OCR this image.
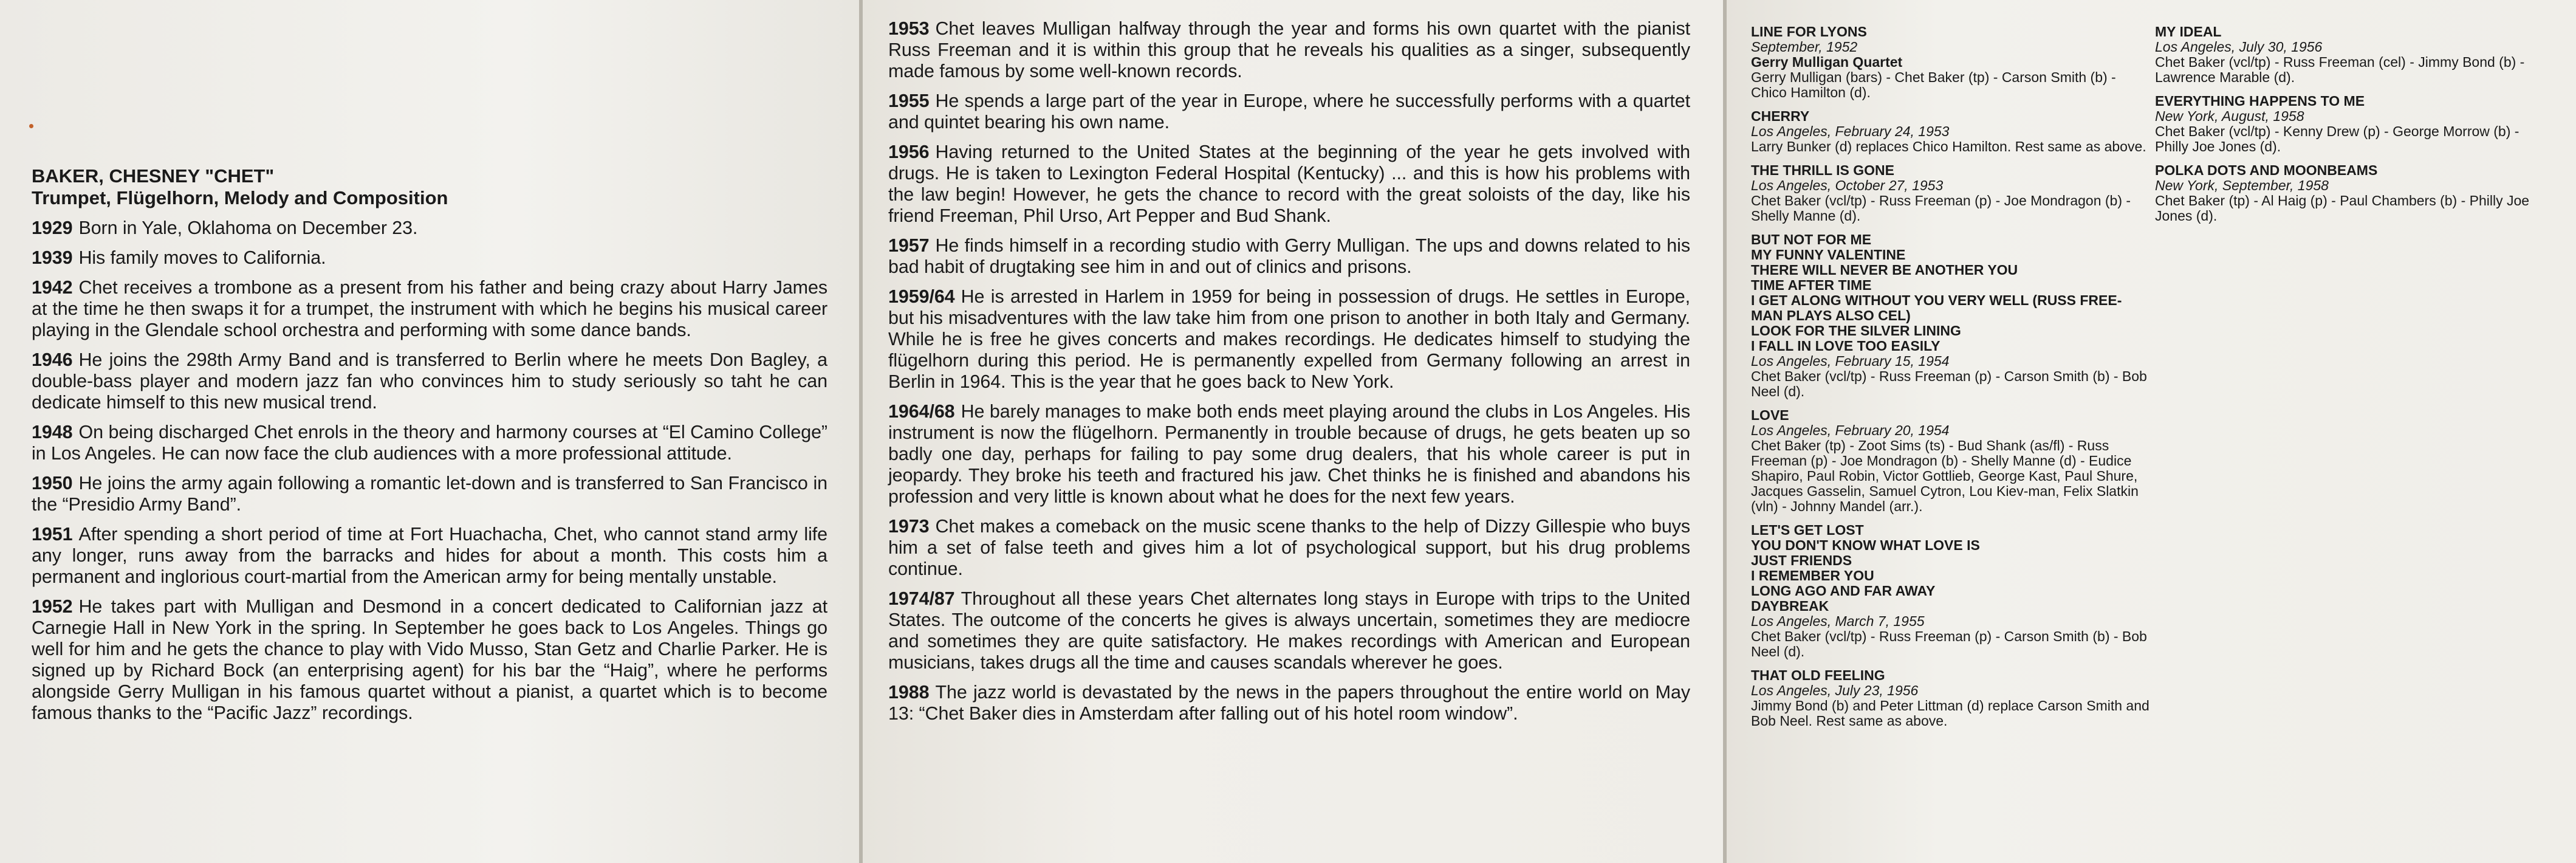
BAKER, CHESNEY "CHET"

Trumpet, Flügelhorn, Melody and Composition

1929 Born in Yale, Oklahoma on December 23.

1939 His family moves to California.

1942 Chet receives a trombone as a present from his father and being crazy about Harry James at the time he then swaps it for a trumpet, the instrument with which he begins his musical career playing in the Glendale school orchestra and performing with some dance bands.

1946 He joins the 298th Army Band and is transferred to Berlin where he meets Don Bagley, a double-bass player and modern jazz fan who convinces him to study seriously so taht he can dedicate himself to this new musical trend.

1948 On being discharged Chet enrols in the theory and harmony courses at “El Camino College” in Los Angeles. He can now face the club audiences with a more professional attitude.

1950 He joins the army again following a romantic let-down and is transferred to San Francisco in the “Presidio Army Band”.

1951 After spending a short period of time at Fort Huachacha, Chet, who cannot stand army life any longer, runs away from the barracks and hides for about a month. This costs him a permanent and inglorious court-martial from the American army for being mentally unstable.

1952 He takes part with Mulligan and Desmond in a concert dedicated to Californian jazz at Carnegie Hall in New York in the spring. In September he goes back to Los Angeles. Things go well for him and he gets the chance to play with Vido Musso, Stan Getz and Charlie Parker. He is signed up by Richard Bock (an enterprising agent) for his bar the “Haig”, where he performs alongside Gerry Mulligan in his famous quartet without a pianist, a quartet which is to become famous thanks to the “Pacific Jazz” recordings.

1953 Chet leaves Mulligan halfway through the year and forms his own quartet with the pianist Russ Freeman and it is within this group that he reveals his qualities as a singer, subsequently made famous by some well-known records.

1955 He spends a large part of the year in Europe, where he successfully performs with a quartet and quintet bearing his own name.

1956 Having returned to the United States at the beginning of the year he gets involved with drugs. He is taken to Lexington Federal Hospital (Kentucky) ... and this is how his problems with the law begin! However, he gets the chance to record with the great soloists of the day, like his friend Freeman, Phil Urso, Art Pepper and Bud Shank.

1957 He finds himself in a recording studio with Gerry Mulligan. The ups and downs related to his bad habit of drugtaking see him in and out of clinics and prisons.

1959/64 He is arrested in Harlem in 1959 for being in possession of drugs. He settles in Europe, but his misadventures with the law take him from one prison to another in both Italy and Germany. While he is free he gives concerts and makes recordings. He dedicates himself to studying the flügelhorn during this period. He is permanently expelled from Germany following an arrest in Berlin in 1964. This is the year that he goes back to New York.

1964/68 He barely manages to make both ends meet playing around the clubs in Los Angeles. His instrument is now the flügelhorn. Permanently in trouble because of drugs, he gets beaten up so badly one day, perhaps for failing to pay some drug dealers, that his whole career is put in jeopardy. They broke his teeth and fractured his jaw. Chet thinks he is finished and abandons his profession and very little is known about what he does for the next few years.

1973 Chet makes a comeback on the music scene thanks to the help of Dizzy Gillespie who buys him a set of false teeth and gives him a lot of psychological support, but his drug problems continue.

1974/87 Throughout all these years Chet alternates long stays in Europe with trips to the United States. The outcome of the concerts he gives is always uncertain, sometimes they are mediocre and sometimes they are quite satisfactory. He makes recordings with American and European musicians, takes drugs all the time and causes scandals wherever he goes.

1988 The jazz world is devastated by the news in the papers throughout the entire world on May 13: “Chet Baker dies in Amsterdam after falling out of his hotel room window”.

LINE FOR LYONS

September, 1952

Gerry Mulligan Quartet

Gerry Mulligan (bars) - Chet Baker (tp) - Carson Smith (b) - Chico Hamilton (d).

CHERRY

Los Angeles, February 24, 1953

Larry Bunker (d) replaces Chico Hamilton. Rest same as above.

THE THRILL IS GONE

Los Angeles, October 27, 1953

Chet Baker (vcl/tp) - Russ Freeman (p) - Joe Mondragon (b) - Shelly Manne (d).

BUT NOT FOR ME

MY FUNNY VALENTINE

THERE WILL NEVER BE ANOTHER YOU

TIME AFTER TIME

I GET ALONG WITHOUT YOU VERY WELL (RUSS FREE-MAN PLAYS ALSO CEL)

LOOK FOR THE SILVER LINING

I FALL IN LOVE TOO EASILY

Los Angeles, February 15, 1954

Chet Baker (vcl/tp) - Russ Freeman (p) - Carson Smith (b) - Bob Neel (d).

LOVE

Los Angeles, February 20, 1954

Chet Baker (tp) - Zoot Sims (ts) - Bud Shank (as/fl) - Russ Freeman (p) - Joe Mondragon (b) - Shelly Manne (d) - Eudice Shapiro, Paul Robin, Victor Gottlieb, George Kast, Paul Shure, Jacques Gasselin, Samuel Cytron, Lou Kiev-man, Felix Slatkin (vln) - Johnny Mandel (arr.).

LET'S GET LOST

YOU DON'T KNOW WHAT LOVE IS

JUST FRIENDS

I REMEMBER YOU

LONG AGO AND FAR AWAY

DAYBREAK

Los Angeles, March 7, 1955

Chet Baker (vcl/tp) - Russ Freeman (p) - Carson Smith (b) - Bob Neel (d).

THAT OLD FEELING

Los Angeles, July 23, 1956

Jimmy Bond (b) and Peter Littman (d) replace Carson Smith and Bob Neel. Rest same as above.

MY IDEAL

Los Angeles, July 30, 1956

Chet Baker (vcl/tp) - Russ Freeman (cel) - Jimmy Bond (b) - Lawrence Marable (d).

EVERYTHING HAPPENS TO ME

New York, August, 1958

Chet Baker (vcl/tp) - Kenny Drew (p) - George Morrow (b) - Philly Joe Jones (d).

POLKA DOTS AND MOONBEAMS

New York, September, 1958

Chet Baker (tp) - Al Haig (p) - Paul Chambers (b) - Philly Joe Jones (d).
